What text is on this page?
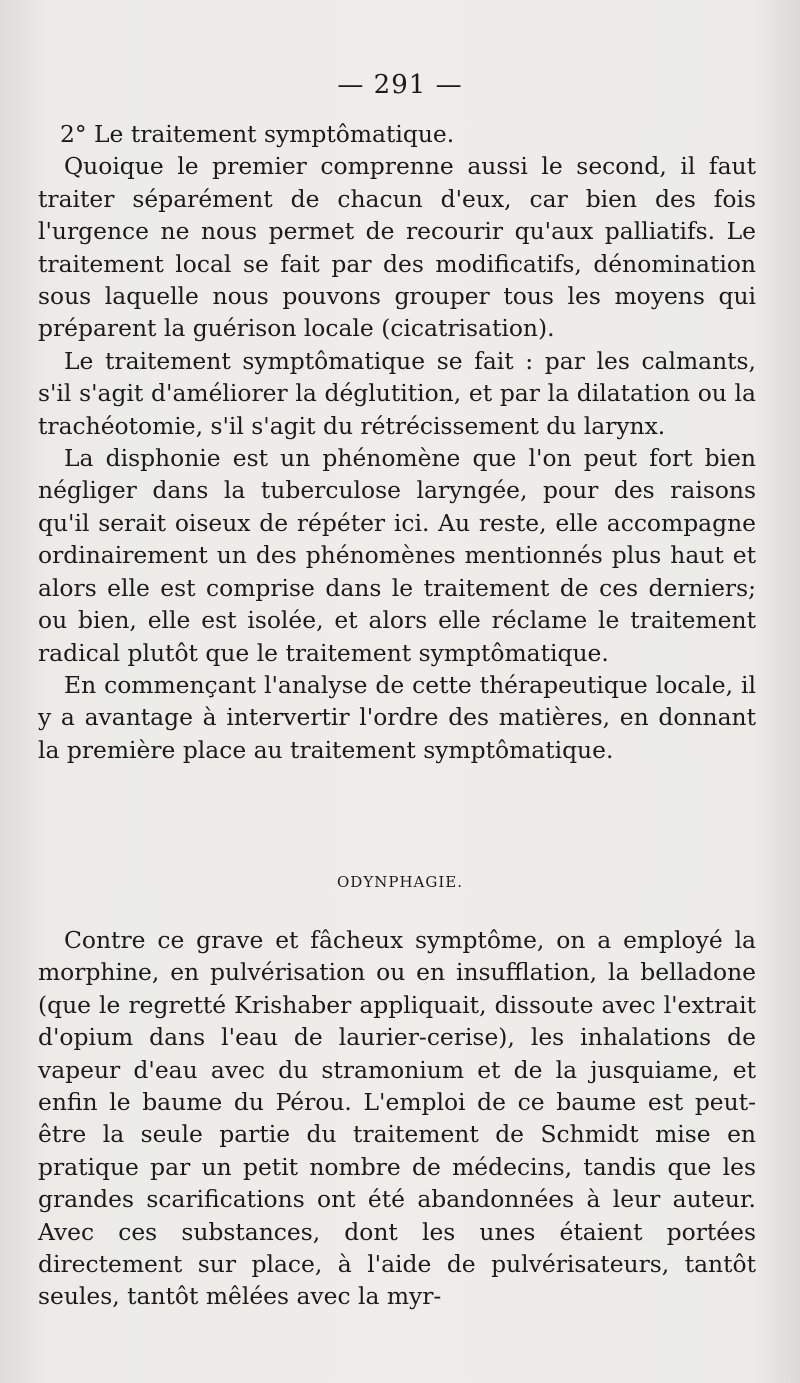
— 291 —

2° Le traitement symptômatique.

Quoique le premier comprenne aussi le second, il faut traiter séparément de chacun d'eux, car bien des fois l'urgence ne nous permet de recourir qu'aux palliatifs. Le traitement local se fait par des modificatifs, dénomination sous laquelle nous pouvons grouper tous les moyens qui préparent la guérison locale (cicatrisation).

Le traitement symptômatique se fait : par les calmants, s'il s'agit d'améliorer la déglutition, et par la dilatation ou la trachéotomie, s'il s'agit du rétrécissement du larynx.

La disphonie est un phénomène que l'on peut fort bien négliger dans la tuberculose laryngée, pour des raisons qu'il serait oiseux de répéter ici. Au reste, elle accompagne ordinairement un des phénomènes mentionnés plus haut et alors elle est comprise dans le traitement de ces derniers; ou bien, elle est isolée, et alors elle réclame le traitement radical plutôt que le traitement symptômatique.

En commençant l'analyse de cette thérapeutique locale, il y a avantage à intervertir l'ordre des matières, en donnant la première place au traitement symptômatique.

ODYNPHAGIE.

Contre ce grave et fâcheux symptôme, on a employé la morphine, en pulvérisation ou en insufflation, la belladone (que le regretté Krishaber appliquait, dissoute avec l'extrait d'opium dans l'eau de laurier-cerise), les inhalations de vapeur d'eau avec du stramonium et de la jusquiame, et enfin le baume du Pérou. L'emploi de ce baume est peut-être la seule partie du traitement de Schmidt mise en pratique par un petit nombre de médecins, tandis que les grandes scarifications ont été abandonnées à leur auteur. Avec ces substances, dont les unes étaient portées directement sur place, à l'aide de pulvérisateurs, tantôt seules, tantôt mêlées avec la myr-
